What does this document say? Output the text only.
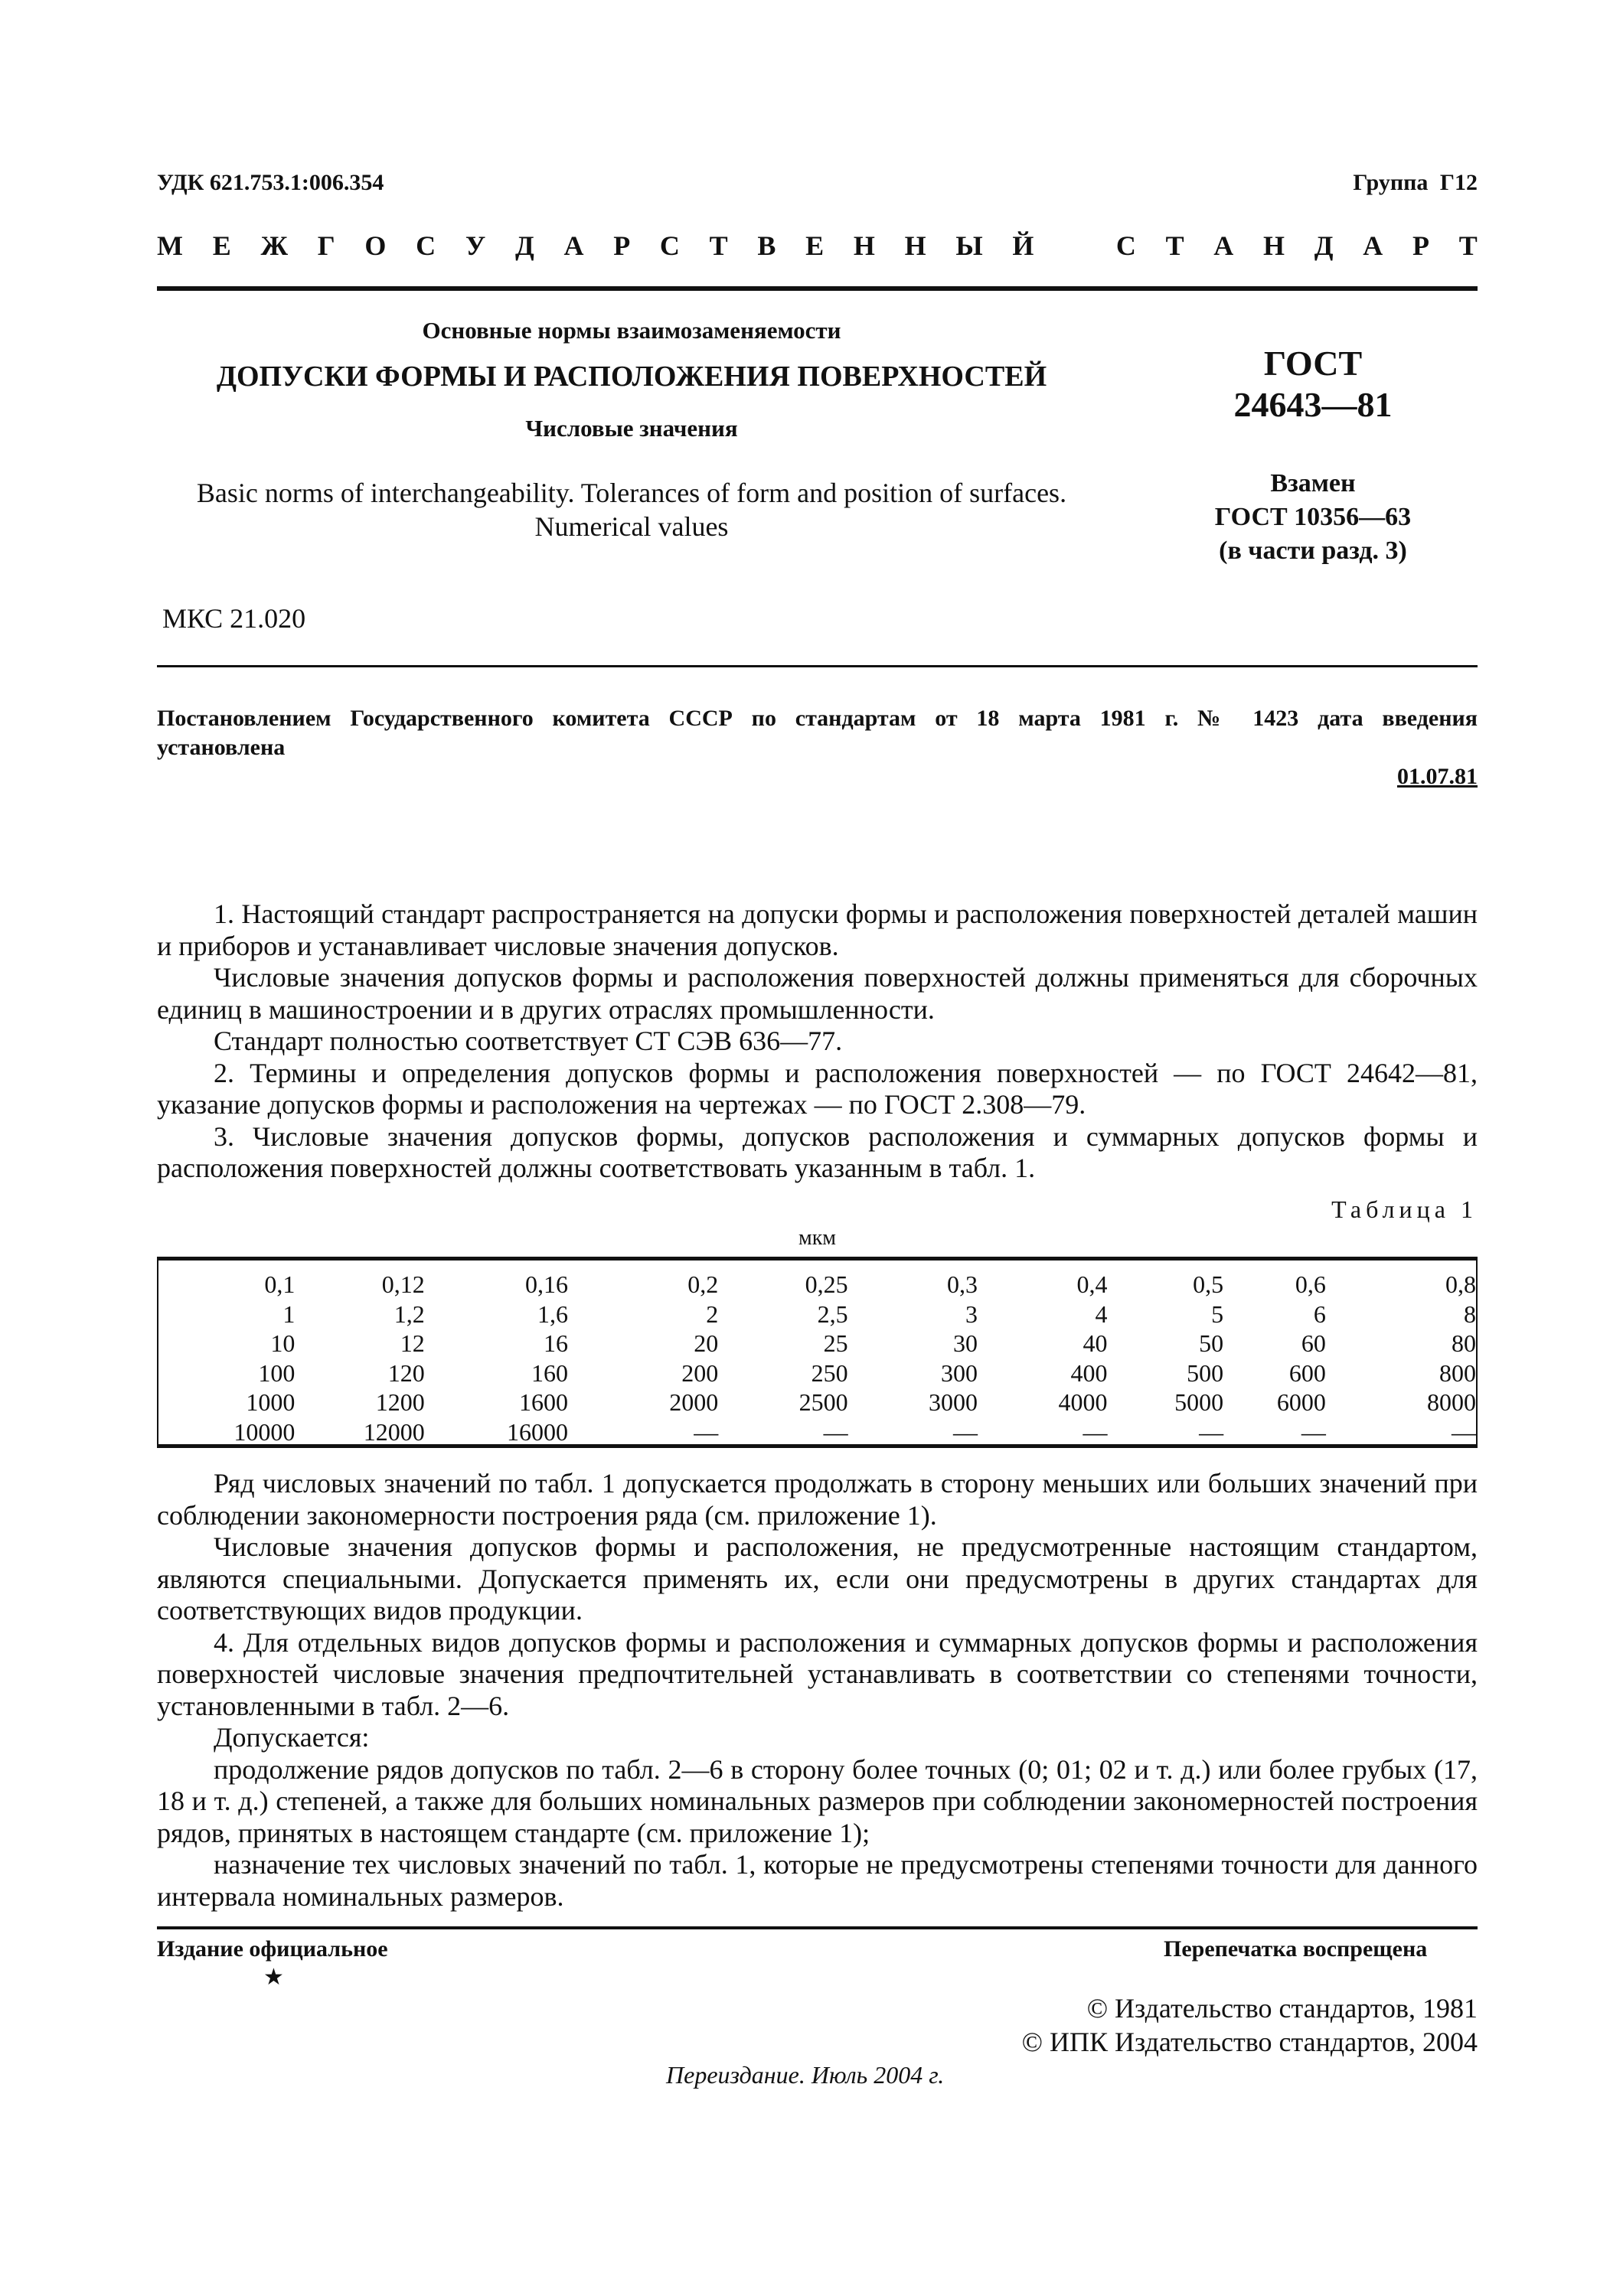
УДК 621.753.1:006.354	Группа Г12
М Е Ж Г О С У Д А Р С Т В Е Н Н Ы Й	С Т А Н Д А Р Т
Основные нормы взаимозаменяемости
ДОПУСКИ ФОРМЫ И РАСПОЛОЖЕНИЯ ПОВЕРХНОСТЕЙ
Числовые значения
Basic norms of interchangeability. Tolerances of form and position of surfaces.
Numerical values
ГОСТ
24643—81
Взамен
ГОСТ 10356—63
(в части разд. 3)
МКС 21.020
Постановлением Государственного комитета СССР по стандартам от 18 марта 1981 г. № 1423 дата введения
установлена
01.07.81

1. Настоящий стандарт распространяется на допуски формы и расположения поверхностей деталей машин и приборов и устанавливает числовые значения допусков.

Числовые значения допусков формы и расположения поверхностей должны применяться для сборочных единиц в машиностроении и в других отраслях промышленности.

Стандарт полностью соответствует СТ СЭВ 636—77.

2. Термины и определения допусков формы и расположения поверхностей — по ГОСТ 24642—81, указание допусков формы и расположения на чертежах — по ГОСТ 2.308—79.

3. Числовые значения допусков формы, допусков расположения и суммарных допусков формы и расположения поверхностей должны соответствовать указанным в табл. 1.

Таблица 1
мкм
0,1	0,12	0,16	0,2	0,25	0,3	0,4	0,5	0,6	0,8
1	1,2	1,6	2	2,5	3	4	5	6	8
10	12	16	20	25	30	40	50	60	80
100	120	160	200	250	300	400	500	600	800
1000	1200	1600	2000	2500	3000	4000	5000	6000	8000
10000	12000	16000	—	—	—	—	—	—	—

Ряд числовых значений по табл. 1 допускается продолжать в сторону меньших или больших значений при соблюдении закономерности построения ряда (см. приложение 1).

Числовые значения допусков формы и расположения, не предусмотренные настоящим стандартом, являются специальными. Допускается применять их, если они предусмотрены в других стандартах для соответствующих видов продукции.

4. Для отдельных видов допусков формы и расположения и суммарных допусков формы и расположения поверхностей числовые значения предпочтительней устанавливать в соответствии со степенями точности, установленными в табл. 2—6.

Допускается:

продолжение рядов допусков по табл. 2—6 в сторону более точных (0; 01; 02 и т. д.) или более грубых (17, 18 и т. д.) степеней, а также для больших номинальных размеров при соблюдении закономерностей построения рядов, принятых в настоящем стандарте (см. приложение 1);

назначение тех числовых значений по табл. 1, которые не предусмотрены степенями точности для данного интервала номинальных размеров.

Издание официальное	Перепечатка воспрещена
★
© Издательство стандартов, 1981
© ИПК Издательство стандартов, 2004
Переиздание. Июль 2004 г.
